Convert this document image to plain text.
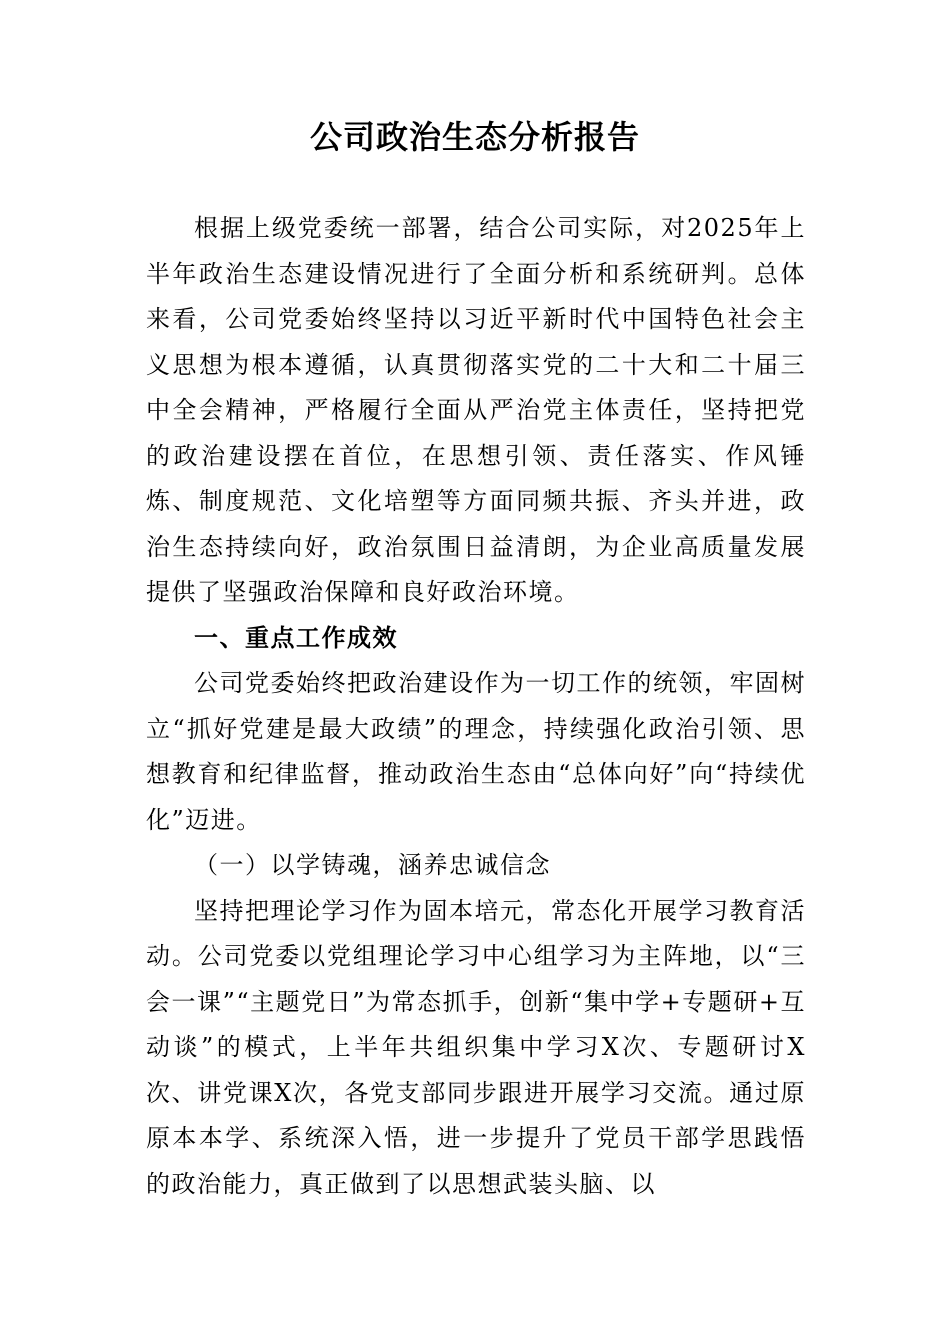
公司政治生态分析报告

根据上级党委统一部署，结合公司实际，对2025年上半年政治生态建设情况进行了全面分析和系统研判。总体来看，公司党委始终坚持以习近平新时代中国特色社会主义思想为根本遵循，认真贯彻落实党的二十大和二十届三中全会精神，严格履行全面从严治党主体责任，坚持把党的政治建设摆在首位，在思想引领、责任落实、作风锤炼、制度规范、文化培塑等方面同频共振、齐头并进，政治生态持续向好，政治氛围日益清朗，为企业高质量发展提供了坚强政治保障和良好政治环境。

一、重点工作成效

公司党委始终把政治建设作为一切工作的统领，牢固树立“抓好党建是最大政绩”的理念，持续强化政治引领、思想教育和纪律监督，推动政治生态由“总体向好”向“持续优化”迈进。

（一）以学铸魂，涵养忠诚信念

坚持把理论学习作为固本培元，常态化开展学习教育活动。公司党委以党组理论学习中心组学习为主阵地，以“三会一课”“主题党日”为常态抓手，创新“集中学+专题研+互动谈”的模式，上半年共组织集中学习X次、专题研讨X次、讲党课X次，各党支部同步跟进开展学习交流。通过原原本本学、系统深入悟，进一步提升了党员干部学思践悟的政治能力，真正做到了以思想武装头脑、以
